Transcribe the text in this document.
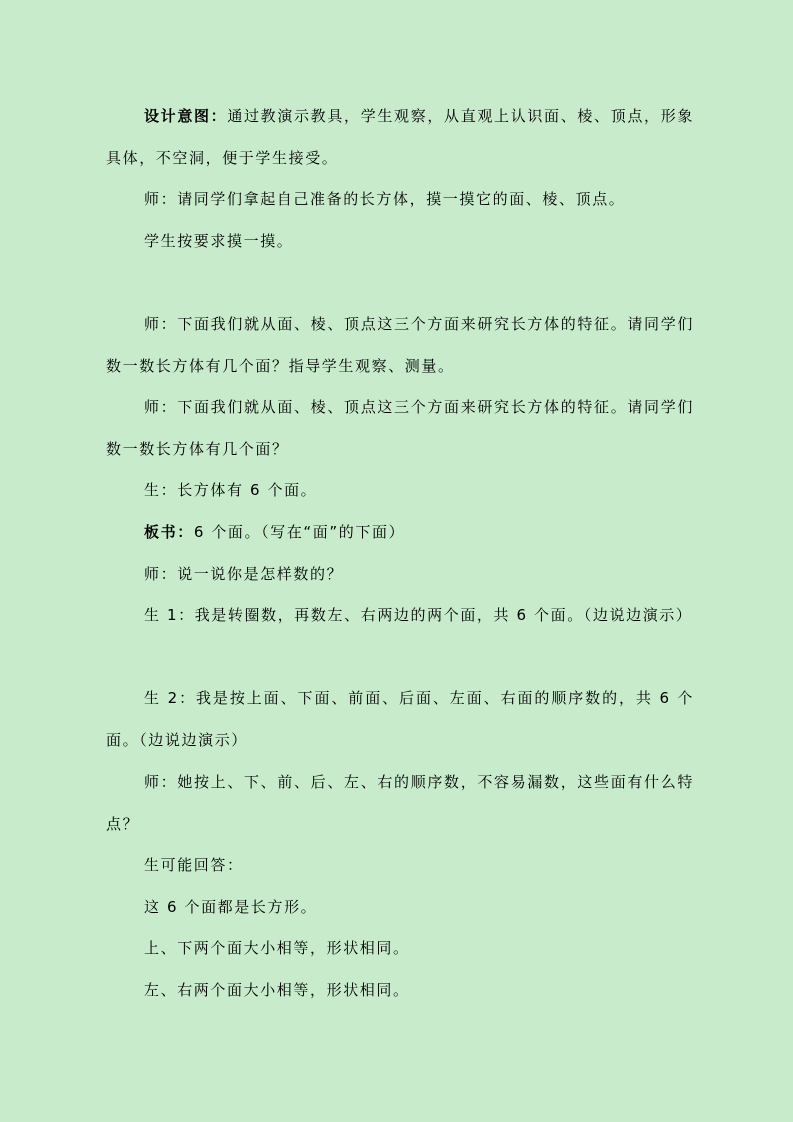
设计意图：通过教演示教具，学生观察，从直观上认识面、棱、顶点，形象具体，不空洞，便于学生接受。

师：请同学们拿起自己准备的长方体，摸一摸它的面、棱、顶点。

学生按要求摸一摸。

师：下面我们就从面、棱、顶点这三个方面来研究长方体的特征。请同学们数一数长方体有几个面？指导学生观察、测量。

师：下面我们就从面、棱、顶点这三个方面来研究长方体的特征。请同学们数一数长方体有几个面？

生：长方体有 6 个面。

板书：6 个面。（写在“面”的下面）

师：说一说你是怎样数的？

生 1：我是转圈数，再数左、右两边的两个面，共 6 个面。（边说边演示）

生 2：我是按上面、下面、前面、后面、左面、右面的顺序数的，共 6 个面。（边说边演示）

师：她按上、下、前、后、左、右的顺序数，不容易漏数，这些面有什么特点？

生可能回答：

这 6 个面都是长方形。

上、下两个面大小相等，形状相同。

左、右两个面大小相等，形状相同。
